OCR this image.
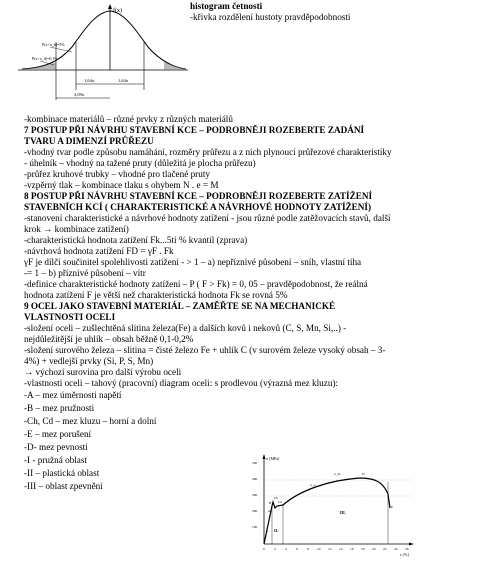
histogram četnosti
-křivka rozdělení hustoty pravděpodobnosti
f(x)
P(x<x_k)=5%
P(x<x_d)=0,1%
1,64σ	1,64σ
3,09σ
-kombinace materiálů – různé prvky z různých materiálů
7 POSTUP PŘI NÁVRHU STAVEBNÍ KCE – PODROBNĚJI ROZEBERTE ZADÁNÍ
TVARU A DIMENZÍ PRŮŘEZU
-vhodný tvar podle způsobu namáhání, rozměry průřezu a z nich plynoucí průřezové charakteristiky
- úhelník – vhodný na tažené pruty (důležitá je plocha průřezu)
-průřez kruhové trubky – vhodné pro tlačené pruty
-vzpěrný tlak – kombinace tlaku s ohybem N . e = M
8 POSTUP PŘI NÁVRHU STAVEBNÍ KCE – PODROBNĚJI ROZEBERTE ZATÍŽENÍ
STAVEBNÍCH KCÍ ( CHARAKTERISTICKÉ A NÁVRHOVÉ HODNOTY ZATÍŽENÍ)
-stanovení charakteristické a návrhové hodnoty zatížení - jsou různé podle zatěžovacích stavů, další
krok → kombinace zatížení)
-charakteristická hodnota zatížení Fk...5ti % kvantil (zprava)
-návrhová hodnota zatížení FD = γF . Fk
γF je dílčí součinitel spolehlivosti zatížení - > 1 – a) nepříznivé působení – sníh, vlastní tíha
-= 1 – b) příznivé působení – vítr
-definice charakteristické hodnoty zatížení – P ( F > Fk) = 0, 05 – pravděpodobnost, že reálná
hodnota zatížení F je větší než charakteristická hodnota Fk se rovná 5%
9 OCEL JAKO STAVEBNÍ MATERIÁL – ZAMĚŘTE SE NA MECHANICKÉ
VLASTNOSTI OCELI
-složení oceli – zušlechtěná slitina železa(Fe) a dalších kovů i nekovů (C, S, Mn, Si,..) -
nejdůležitější je uhlík – obsah běžně 0,1-0,2%
-složení surového železa – slitina = čisté železo Fe + uhlík C (v surovém železe vysoký obsah – 3-
4%) + vedlejší prvky (Si, P, S, Mn)
→ výchozí surovina pro další výrobu oceli
-vlastnosti oceli – tahový (pracovní) diagram oceli: s prodlevou (výrazná mez kluzu):
-A – mez úměrnosti napětí
-B – mez pružnosti
-Ch, Cd – mez kluzu – horní a dolní
-E – mez porušení
-D- mez pevnosti
-I - pružná oblast
-II – plastická oblast
-III – oblast zpevnění
σ [MPa]
ε [%]
100
200
300
400
500
0	2	4	6	8 10 12 14 16 18 20 22 24 26
A
B
Ch
Cd
D
E
I. II.
III.
σ_m
σ_u
